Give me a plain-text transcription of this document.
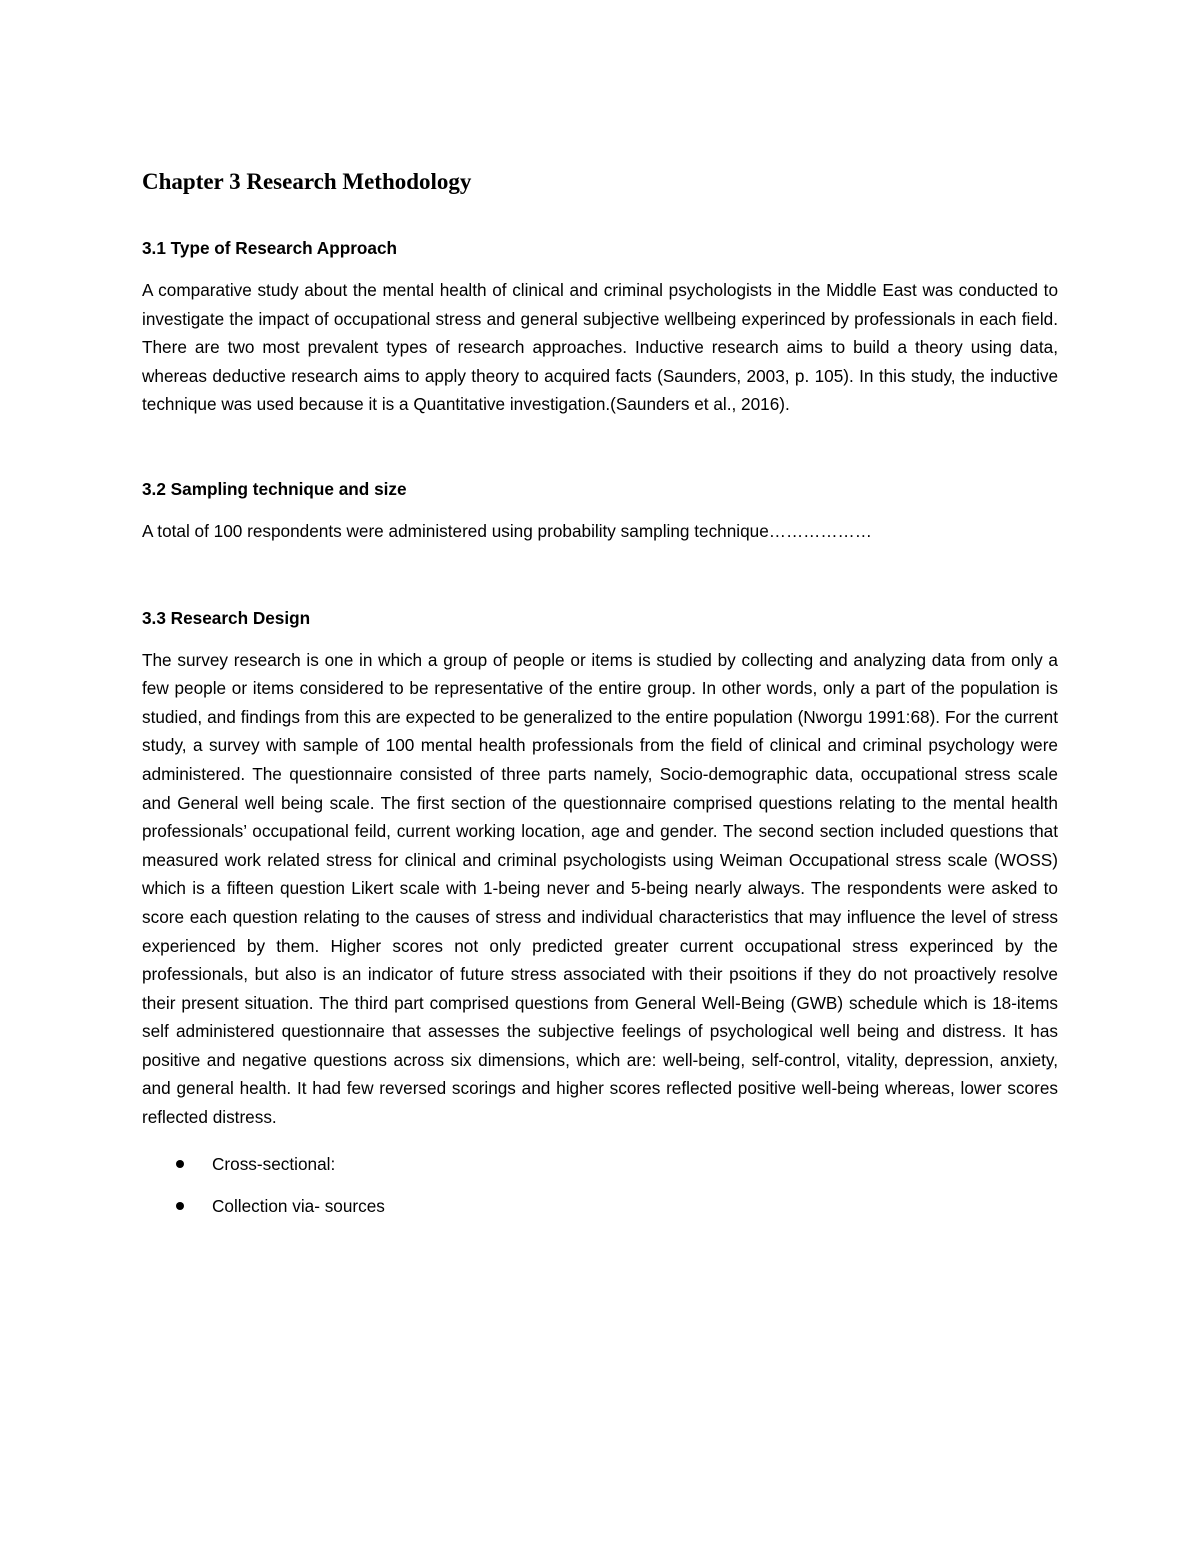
Chapter 3 Research Methodology
3.1 Type of Research Approach

A comparative study about the mental health of clinical and criminal psychologists in the Middle East was conducted to investigate the impact of occupational stress and general subjective wellbeing experinced by professionals in each field. There are two most prevalent types of research approaches. Inductive research aims to build a theory using data, whereas deductive research aims to apply theory to acquired facts (Saunders, 2003, p. 105). In this study, the inductive technique was used because it is a Quantitative investigation.(Saunders et al., 2016).

3.2 Sampling technique and size

A total of 100 respondents were administered using probability sampling technique………………

3.3 Research Design

The survey research is one in which a group of people or items is studied by collecting and analyzing data from only a few people or items considered to be representative of the entire group. In other words, only a part of the population is studied, and findings from this are expected to be generalized to the entire population (Nworgu 1991:68). For the current study, a survey with sample of 100 mental health professionals from the field of clinical and criminal psychology were administered. The questionnaire consisted of three parts namely, Socio-demographic data, occupational stress scale and General well being scale. The first section of the questionnaire comprised questions relating to the mental health professionals’ occupational feild, current working location, age and gender. The second section included questions that measured work related stress for clinical and criminal psychologists using Weiman Occupational stress scale (WOSS) which is a fifteen question Likert scale with 1-being never and 5-being nearly always. The respondents were asked to score each question relating to the causes of stress and individual characteristics that may influence the level of stress experienced by them. Higher scores not only predicted greater current occupational stress experinced by the professionals, but also is an indicator of future stress associated with their psoitions if they do not proactively resolve their present situation. The third part comprised questions from General Well-Being (GWB) schedule which is 18-items self administered questionnaire that assesses the subjective feelings of psychological well being and distress. It has positive and negative questions across six dimensions, which are: well-being, self-control, vitality, depression, anxiety, and general health. It had few reversed scorings and higher scores reflected positive well-being whereas, lower scores reflected distress.

Cross-sectional:
Collection via- sources
